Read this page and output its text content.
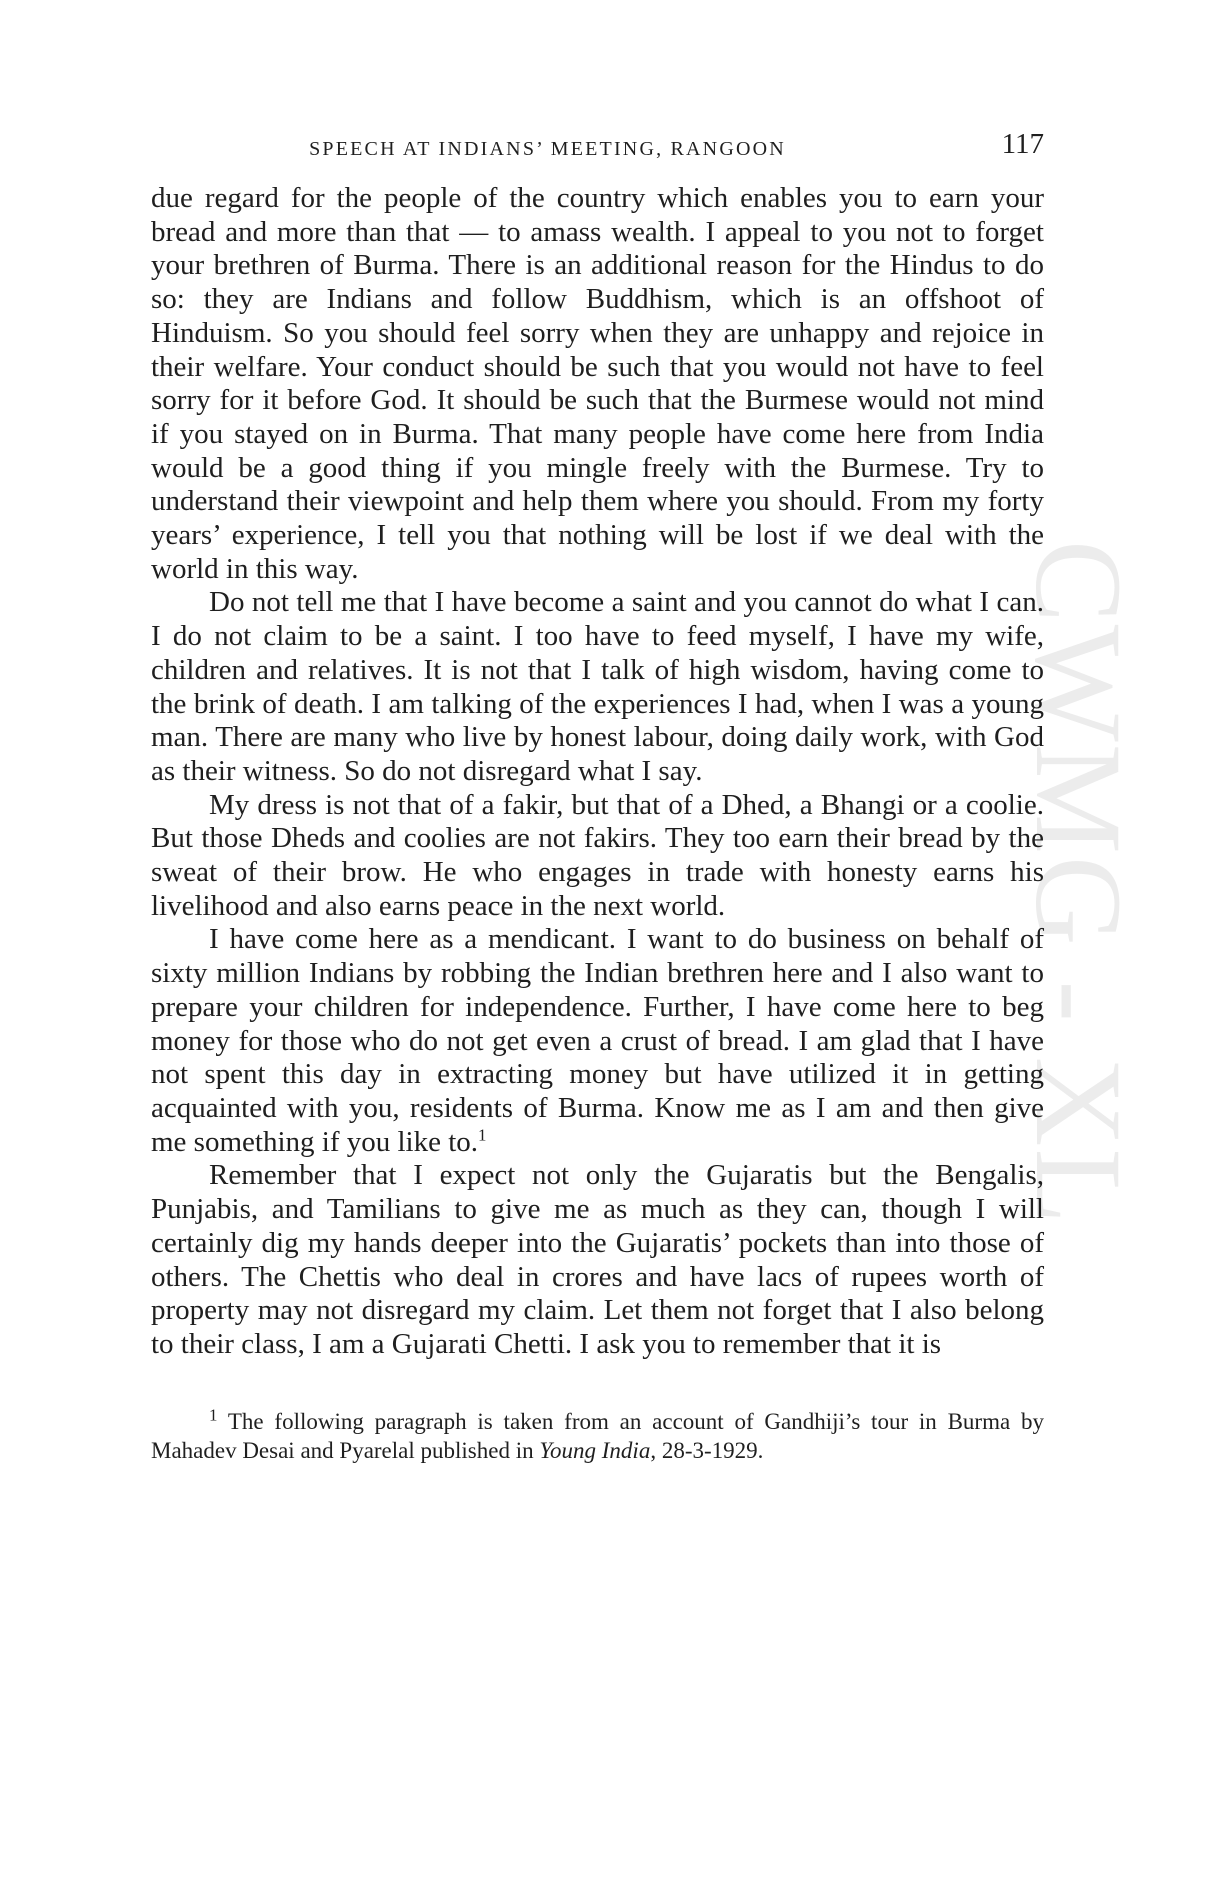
CWMG - XL
SPEECH AT INDIANS’ MEETING, RANGOON	117

due regard for the people of the country which enables you to earn your bread and more than that — to amass wealth. I appeal to you not to forget your brethren of Burma. There is an additional reason for the Hindus to do so: they are Indians and follow Buddhism, which is an offshoot of Hinduism. So you should feel sorry when they are unhappy and rejoice in their welfare. Your conduct should be such that you would not have to feel sorry for it before God. It should be such that the Burmese would not mind if you stayed on in Burma. That many people have come here from India would be a good thing if you mingle freely with the Burmese. Try to understand their viewpoint and help them where you should. From my forty years’ experience, I tell you that nothing will be lost if we deal with the world in this way.

Do not tell me that I have become a saint and you cannot do what I can. I do not claim to be a saint. I too have to feed myself, I have my wife, children and relatives. It is not that I talk of high wisdom, having come to the brink of death. I am talking of the experiences I had, when I was a young man. There are many who live by honest labour, doing daily work, with God as their witness. So do not disregard what I say.

My dress is not that of a fakir, but that of a Dhed, a Bhangi or a coolie. But those Dheds and coolies are not fakirs. They too earn their bread by the sweat of their brow. He who engages in trade with honesty earns his livelihood and also earns peace in the next world.

I have come here as a mendicant. I want to do business on behalf of sixty million Indians by robbing the Indian brethren here and I also want to prepare your children for independence. Further, I have come here to beg money for those who do not get even a crust of bread. I am glad that I have not spent this day in extracting money but have utilized it in getting acquainted with you, residents of Burma. Know me as I am and then give me something if you like to.$^1$

Remember that I expect not only the Gujaratis but the Bengalis, Punjabis, and Tamilians to give me as much as they can, though I will certainly dig my hands deeper into the Gujaratis’ pockets than into those of others. The Chettis who deal in crores and have lacs of rupees worth of property may not disregard my claim. Let them not forget that I also belong to their class, I am a Gujarati Chetti. I ask you to remember that it is

$^1$ The following paragraph is taken from an account of Gandhiji’s tour in Burma by Mahadev Desai and Pyarelal published in Young India, 28-3-1929.
